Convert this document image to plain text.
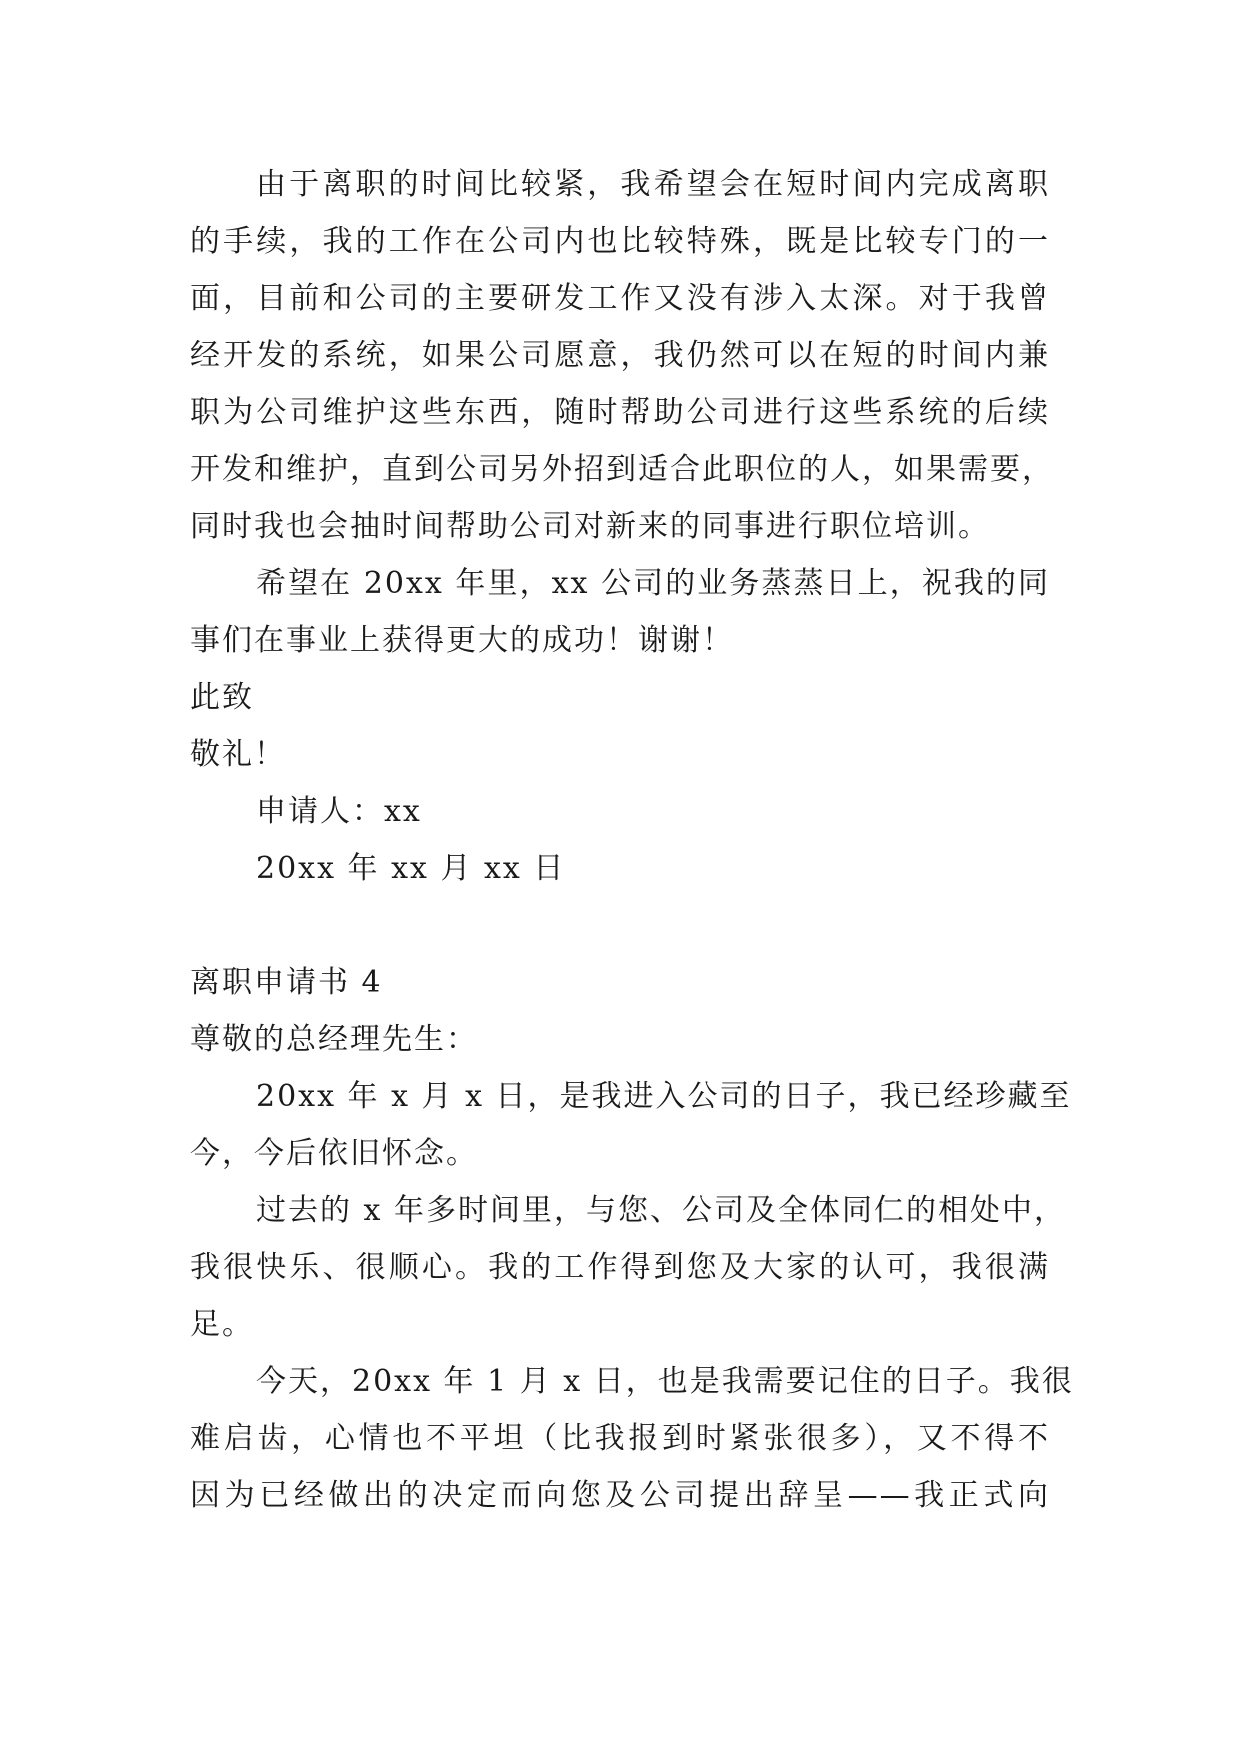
由于离职的时间比较紧，我希望会在短时间内完成离职
的手续，我的工作在公司内也比较特殊，既是比较专门的一
面，目前和公司的主要研发工作又没有涉入太深。对于我曾
经开发的系统，如果公司愿意，我仍然可以在短的时间内兼
职为公司维护这些东西，随时帮助公司进行这些系统的后续
开发和维护，直到公司另外招到适合此职位的人，如果需要，
同时我也会抽时间帮助公司对新来的同事进行职位培训。
希望在 20xx 年里，xx 公司的业务蒸蒸日上，祝我的同
事们在事业上获得更大的成功！谢谢！
此致
敬礼！
申请人：xx
20xx 年 xx 月 xx 日
离职申请书 4
尊敬的总经理先生：
20xx 年 x 月 x 日，是我进入公司的日子，我已经珍藏至
今，今后依旧怀念。
过去的 x 年多时间里，与您、公司及全体同仁的相处中，
我很快乐、很顺心。我的工作得到您及大家的认可，我很满
足。
今天，20xx 年 1 月 x 日，也是我需要记住的日子。我很
难启齿，心情也不平坦（比我报到时紧张很多），又不得不
因为已经做出的决定而向您及公司提出辞呈——我正式向
